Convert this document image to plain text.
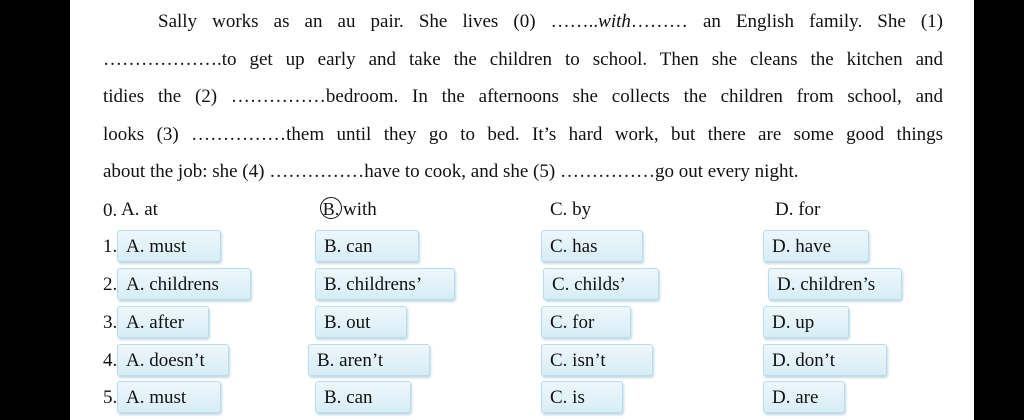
Sally works as an au pair. She lives (0) ……..with……… an English family. She (1)
……………….to get up early and take the children to school. Then she cleans the kitchen and
tidies the (2) ……………bedroom. In the afternoons she collects the children from school, and
looks (3) ……………them until they go to bed. It’s hard work, but there are some good things
about the job: she (4) ……………have to cook, and she (5) ……………go out every night.
0. A. at	B. with	C. by	D. for
1. A. must	B. can	C. has	D. have
2. A. childrens	B. childrens’	C. childs’	D. children’s
3. A. after	B. out	C. for	D. up
4. A. doesn’t	B. aren’t	C. isn’t	D. don’t
5. A. must	B. can	C. is	D. are
